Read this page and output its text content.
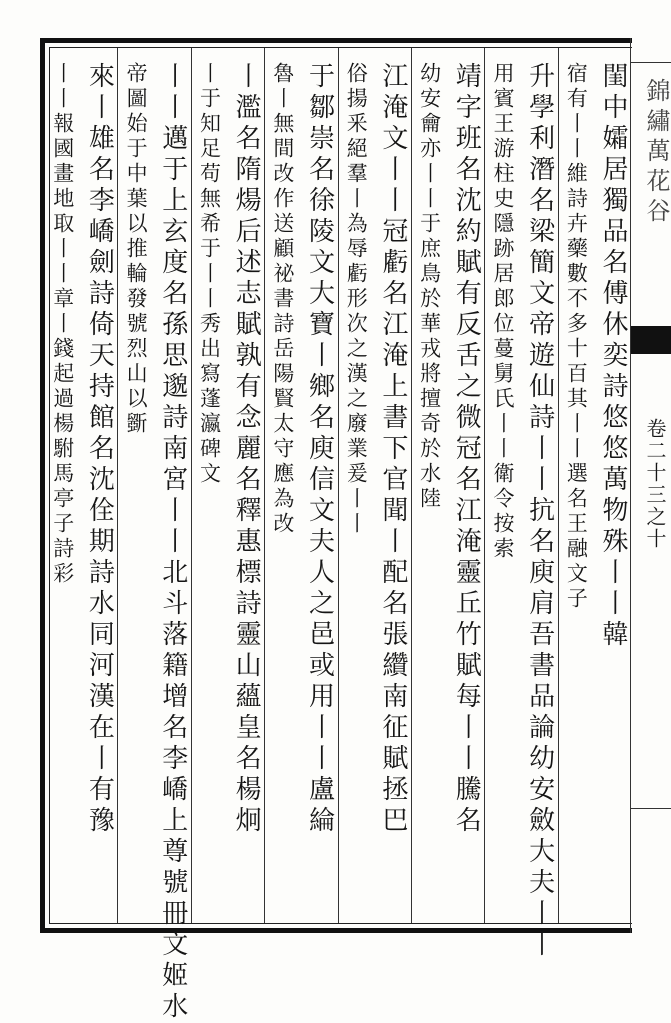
閨中孀居獨品名傅休奕詩悠悠萬物殊丨丨韓
宿有丨丨維詩卉藥數不多十百其丨丨選名王融文子
升學利潛名梁簡文帝遊仙詩丨丨抗名庾肩吾書品論幼安斂大夫丨丨
用賓王游柱史隱跡居郎位蔓舅氏丨丨衛令按索
靖字班名沈約賦有反舌之微冠名江淹靈丘竹賦每丨丨騰名
幼安龠亦丨丨于庶鳥於華戎將擅奇於水陸
江淹文丨丨冠虧名江淹上書下官聞丨配名張纘南征賦拯巴
俗揚釆絕羣丨為辱虧形次之漢之廢業爰丨丨
于鄒崇名徐陵文大寶丨鄉名庾信文夫人之邑或用丨丨盧綸
魯丨無間改作送顧祕書詩岳陽賢太守應為改
丨濫名隋煬后述志賦孰有念麗名釋惠標詩靈山蘊皇名楊炯
丨于知足苟無希于丨丨秀出寫蓬瀛碑文
丨丨邁于上玄度名孫思邈詩南宮丨丨北斗落籍增名李嶠上尊號冊文姬水
帝圖始于中葉以推輪發號烈山以斵
來丨雄名李嶠劍詩倚天持館名沈佺期詩水同河漢在丨有豫
丨丨報國畫地取丨丨章丨錢起過楊駙馬亭子詩彩	錦繡萬花谷
卷二十三之十
